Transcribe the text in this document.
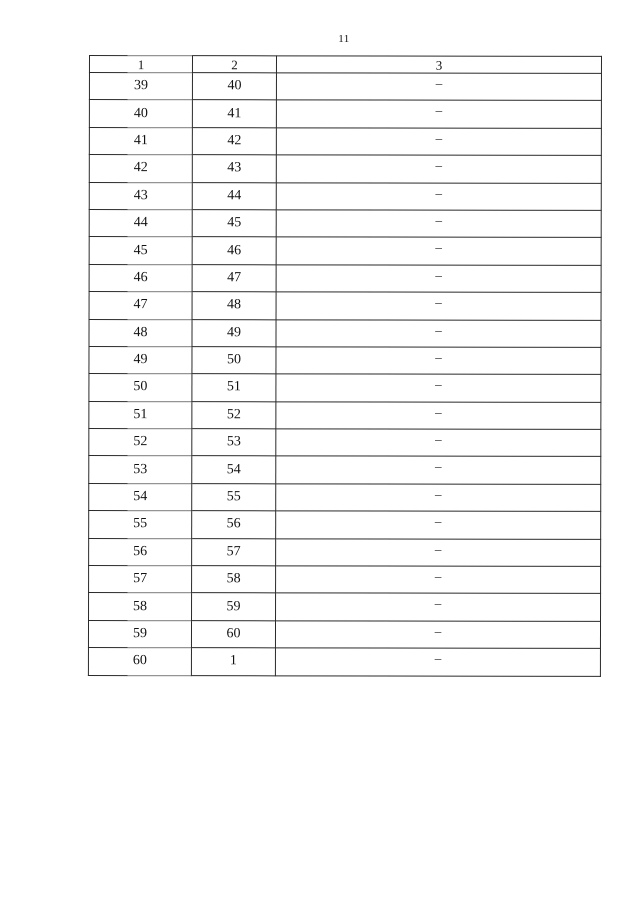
11
1	2	3
39	40	–
40	41	–
41	42	–
42	43	–
43	44	–
44	45	–
45	46	–
46	47	–
47	48	–
48	49	–
49	50	–
50	51	–
51	52	–
52	53	–
53	54	–
54	55	–
55	56	–
56	57	–
57	58	–
58	59	–
59	60	–
60	1	–
